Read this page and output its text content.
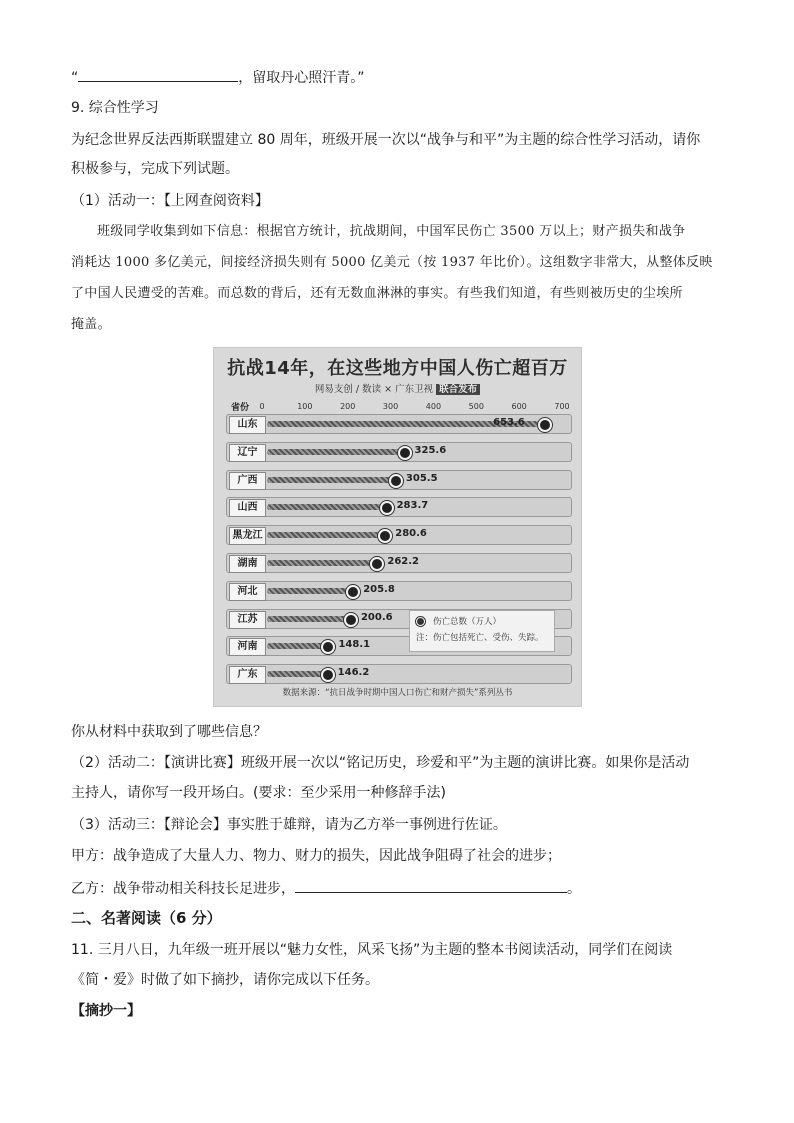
“	，留取丹心照汗青。”
9. 综合性学习
为纪念世界反法西斯联盟建立 80 周年，班级开展一次以“战争与和平”为主题的综合性学习活动，请你
积极参与，完成下列试题。
（1）活动一：【上网查阅资料】
班级同学收集到如下信息：根据官方统计，抗战期间，中国军民伤亡 3500 万以上；财产损失和战争
消耗达 1000 多亿美元，间接经济损失则有 5000 亿美元（按 1937 年比价）。这组数字非常大，从整体反映
了中国人民遭受的苦难。而总数的背后，还有无数血淋淋的事实。有些我们知道，有些则被历史的尘埃所
掩盖。
抗战14年，在这些地方中国人伤亡超百万
网易支创 / 数读 × 广东卫视 联合发布
省份 0	100	200	300	400	500	600	700
山东	653.6
辽宁	325.6
广西	305.5
山西	283.7
黑龙江	280.6
湖南	262.2
河北	205.8
江苏	200.6
河南	148.1
广东	146.2
伤亡总数（万人）
注：伤亡包括死亡、受伤、失踪。
数据来源：“抗日战争时期中国人口伤亡和财产损失”系列丛书
你从材料中获取到了哪些信息？
（2）活动二：【演讲比赛】班级开展一次以“铭记历史，珍爱和平”为主题的演讲比赛。如果你是活动
主持人，请你写一段开场白。(要求：至少采用一种修辞手法)
（3）活动三：【辩论会】事实胜于雄辩，请为乙方举一事例进行佐证。
甲方：战争造成了大量人力、物力、财力的损失，因此战争阻碍了社会的进步；
乙方：战争带动相关科技长足进步，	。
二、名著阅读（6 分）
11. 三月八日，九年级一班开展以“魅力女性，风采飞扬”为主题的整本书阅读活动，同学们在阅读
《简・爱》时做了如下摘抄，请你完成以下任务。
【摘抄一】
